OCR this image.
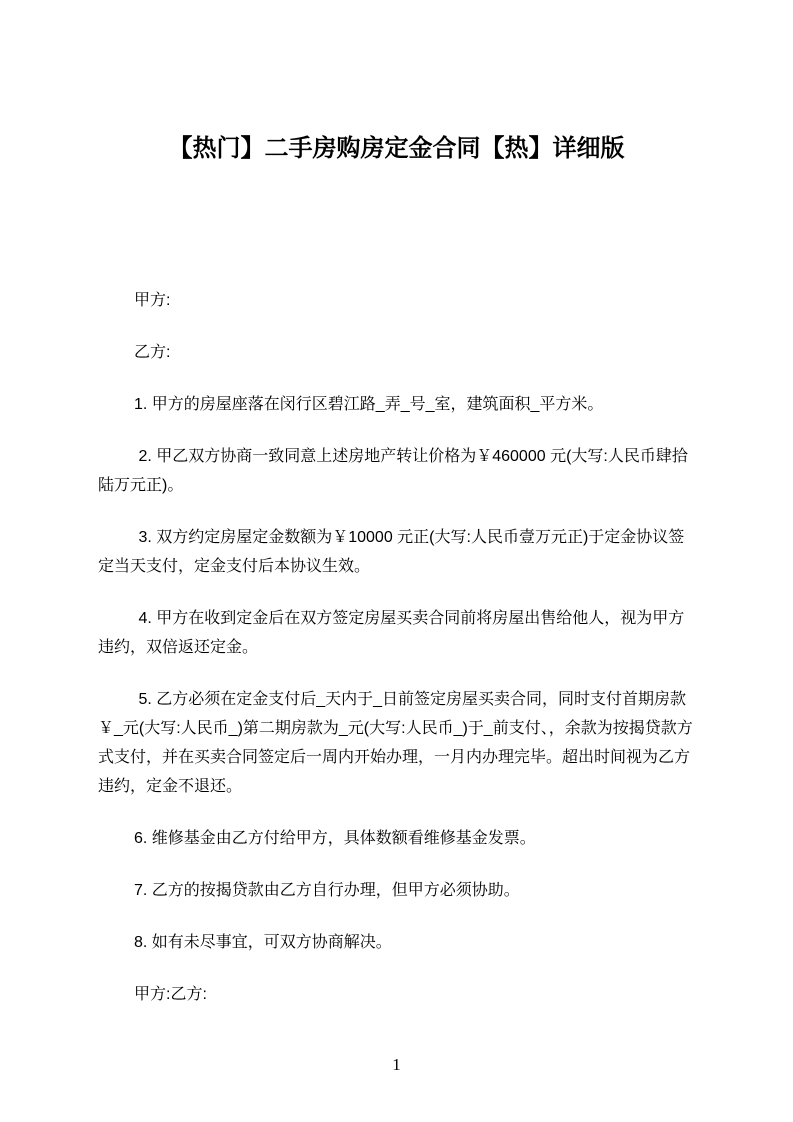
【热门】二手房购房定金合同【热】详细版

甲方:

乙方:

1. 甲方的房屋座落在闵行区碧江路_弄_号_室，建筑面积_平方米。

2. 甲乙双方协商一致同意上述房地产转让价格为￥460000 元(大写:人民币肆拾陆万元正)。

3. 双方约定房屋定金数额为￥10000 元正(大写:人民币壹万元正)于定金协议签定当天支付，定金支付后本协议生效。

4. 甲方在收到定金后在双方签定房屋买卖合同前将房屋出售给他人，视为甲方违约，双倍返还定金。

5. 乙方必须在定金支付后_天内于_日前签定房屋买卖合同，同时支付首期房款￥_元(大写:人民币_)第二期房款为_元(大写:人民币_)于_前支付、，余款为按揭贷款方式支付，并在买卖合同签定后一周内开始办理，一月内办理完毕。超出时间视为乙方违约，定金不退还。

6. 维修基金由乙方付给甲方，具体数额看维修基金发票。

7. 乙方的按揭贷款由乙方自行办理，但甲方必须协助。

8. 如有未尽事宜，可双方协商解决。

甲方:乙方:

1
